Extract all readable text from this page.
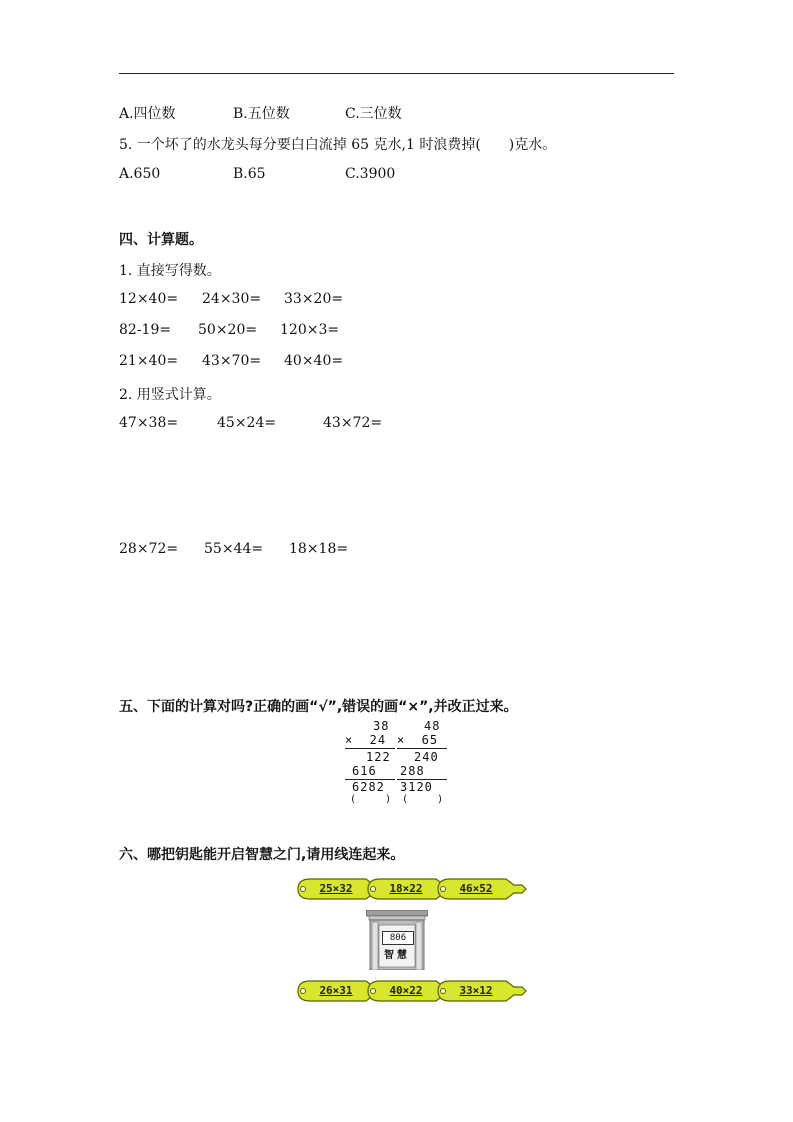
A.四位数	B.五位数	C.三位数
5. 一个坏了的水龙头每分要白白流掉 65 克水,1 时浪费掉(　　)克水。
A.650	B.65	C.3900
四、计算题。
1. 直接写得数。
12×40= 24×30= 33×20=
82-19= 50×20= 120×3=
21×40= 43×70= 40×40=
2. 用竖式计算。
47×38=	45×24=	43×72=
28×72= 55×44= 18×18=
五、下面的计算对吗?正确的画“√”,错误的画“×”,并改正过来。
38
×  24
122
616
6282
(    )
48
×  65
240
288
3120
(    )
六、哪把钥匙能开启智慧之门,请用线连起来。
25×32	18×22	46×52
806
智慧
26×31	40×22	33×12
